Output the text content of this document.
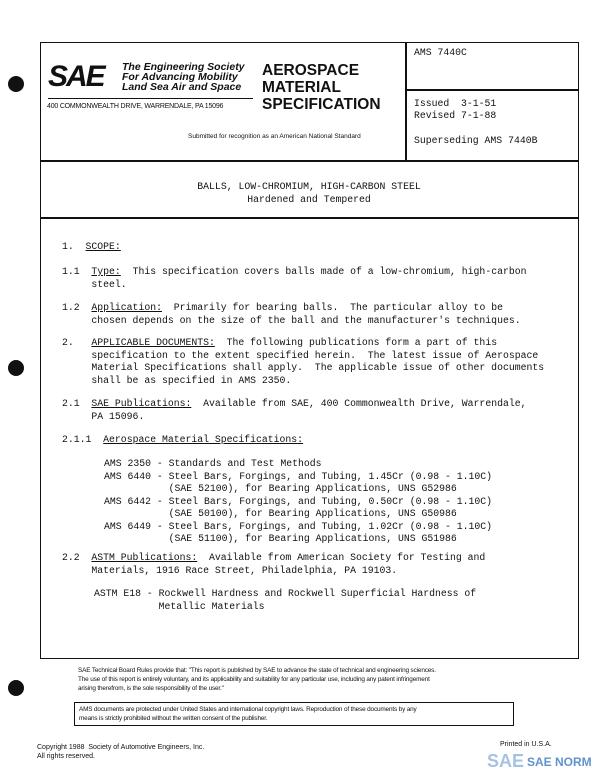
SAE The Engineering Society
For Advancing Mobility
Land Sea Air and Space
400 COMMONWEALTH DRIVE, WARRENDALE, PA 15096
AEROSPACE
MATERIAL
SPECIFICATION
Submitted for recognition as an American National Standard
AMS 7440C
Issued  3-1-51
Revised 7-1-88
Superseding AMS 7440B
BALLS, LOW-CHROMIUM, HIGH-CARBON STEEL
Hardened and Tempered
1. SCOPE:
1.1 Type:  This specification covers balls made of a low-chromium, high-carbon
steel.
1.2 Application:  Primarily for bearing balls.  The particular alloy to be
chosen depends on the size of the ball and the manufacturer's techniques.
2. APPLICABLE DOCUMENTS:  The following publications form a part of this
specification to the extent specified herein.  The latest issue of Aerospace
Material Specifications shall apply.  The applicable issue of other documents
shall be as specified in AMS 2350.
2.1 SAE Publications:  Available from SAE, 400 Commonwealth Drive, Warrendale,
PA 15096.
2.1.1 Aerospace Material Specifications:
AMS 2350 - Standards and Test Methods
AMS 6440 - Steel Bars, Forgings, and Tubing, 1.45Cr (0.98 - 1.10C)
(SAE 52100), for Bearing Applications, UNS G52986
AMS 6442 - Steel Bars, Forgings, and Tubing, 0.50Cr (0.98 - 1.10C)
(SAE 50100), for Bearing Applications, UNS G50986
AMS 6449 - Steel Bars, Forgings, and Tubing, 1.02Cr (0.98 - 1.10C)
(SAE 51100), for Bearing Applications, UNS G51986
2.2 ASTM Publications:  Available from American Society for Testing and
Materials, 1916 Race Street, Philadelphia, PA 19103.
ASTM E18 - Rockwell Hardness and Rockwell Superficial Hardness of
Metallic Materials
SAE Technical Board Rules provide that: "This report is published by SAE to advance the state of technical and engineering sciences.
The use of this report is entirely voluntary, and its applicability and suitability for any particular use, including any patent infringement
arising therefrom, is the sole responsibility of the user."
AMS documents are protected under United States and international copyright laws. Reproduction of these documents by any
means is strictly prohibited without the written consent of the publisher.
Copyright 1988  Society of Automotive Engineers, Inc.
All rights reserved.	SAE SAE NORM
Printed in U.S.A.
